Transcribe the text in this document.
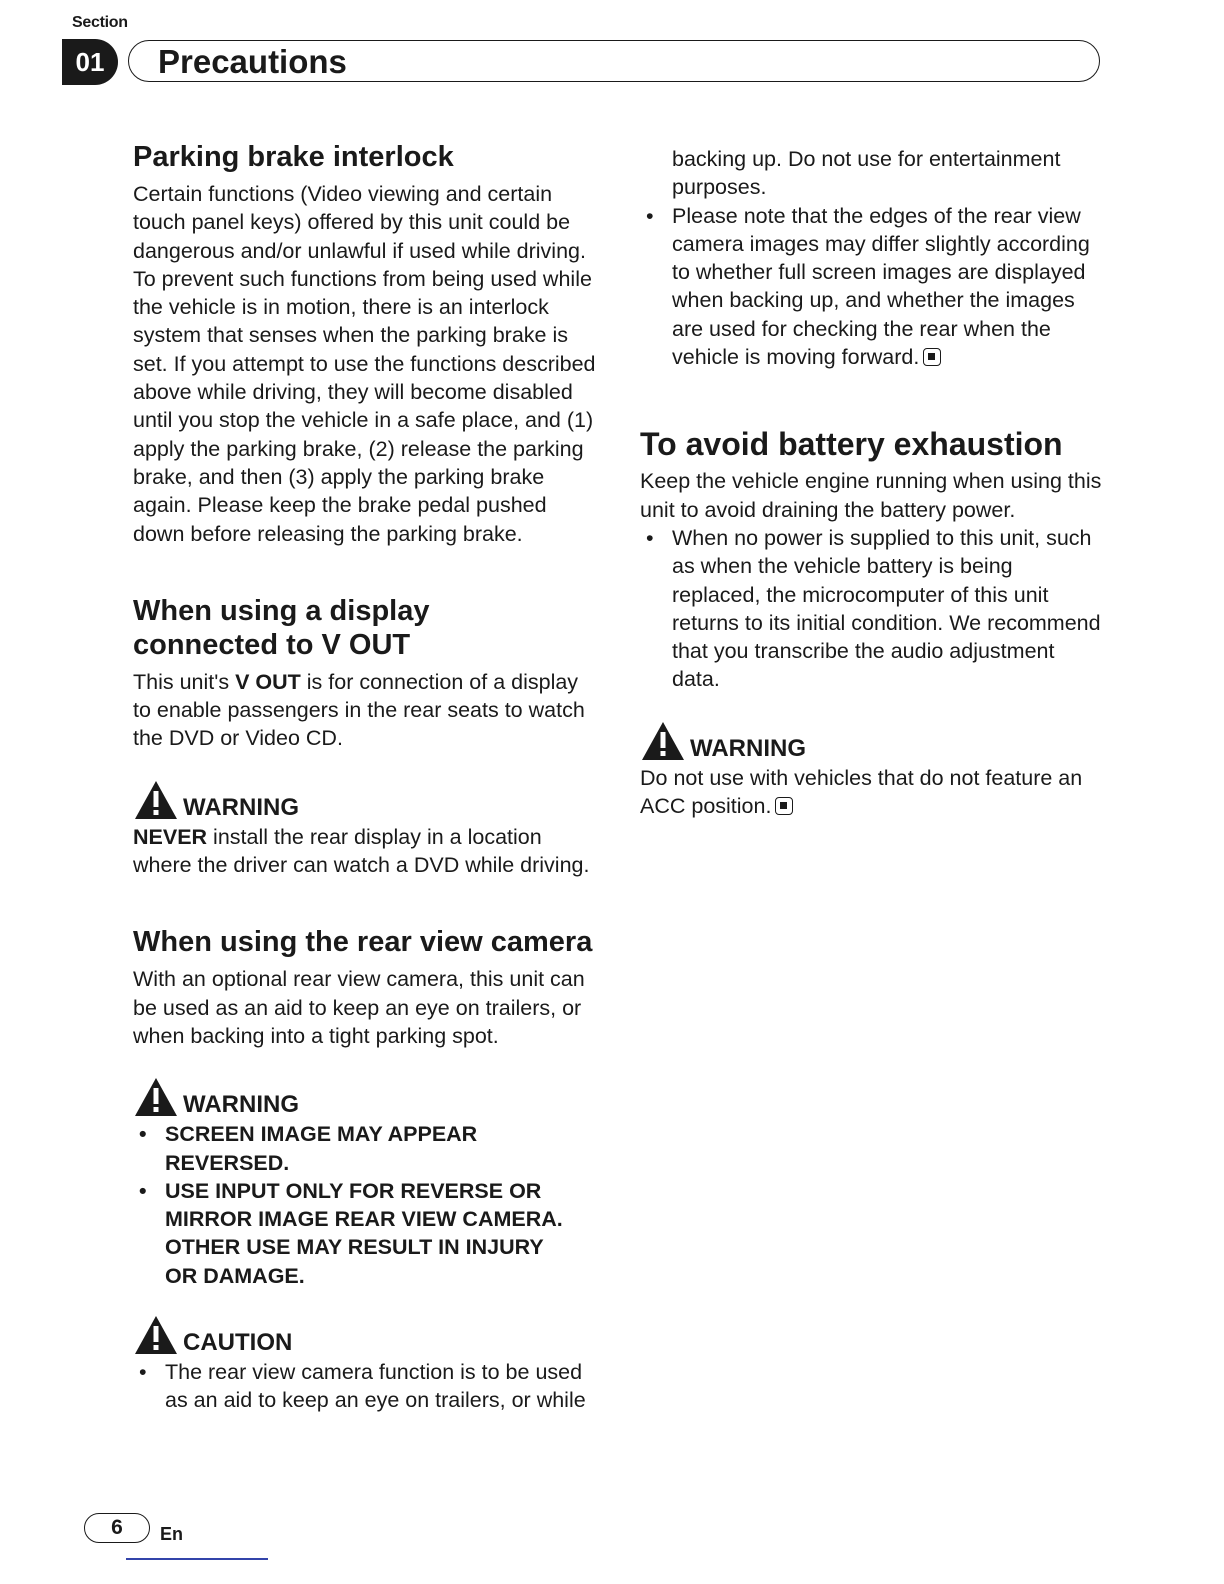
Section
01	Precautions
Parking brake interlock

Certain functions (Video viewing and certain touch panel keys) offered by this unit could be dangerous and/or unlawful if used while driving. To prevent such functions from being used while the vehicle is in motion, there is an interlock system that senses when the parking brake is set. If you attempt to use the functions described above while driving, they will become disabled until you stop the vehicle in a safe place, and (1) apply the parking brake, (2) release the parking brake, and then (3) apply the parking brake again. Please keep the brake pedal pushed down before releasing the parking brake.

When using a display connected to V OUT

This unit's V OUT is for connection of a display to enable passengers in the rear seats to watch the DVD or Video CD.

WARNING

NEVER install the rear display in a location where the driver can watch a DVD while driving.

When using the rear view camera

With an optional rear view camera, this unit can be used as an aid to keep an eye on trailers, or when backing into a tight parking spot.

WARNING
• SCREEN IMAGE MAY APPEAR REVERSED.
• USE INPUT ONLY FOR REVERSE OR MIRROR IMAGE REAR VIEW CAMERA. OTHER USE MAY RESULT IN INJURY OR DAMAGE.
CAUTION
• The rear view camera function is to be used as an aid to keep an eye on trailers, or while

backing up. Do not use for entertainment purposes.

• Please note that the edges of the rear view camera images may differ slightly according to whether full screen images are displayed when backing up, and whether the images are used for checking the rear when the vehicle is moving forward.
To avoid battery exhaustion

Keep the vehicle engine running when using this unit to avoid draining the battery power.

• When no power is supplied to this unit, such as when the vehicle battery is being replaced, the microcomputer of this unit returns to its initial condition. We recommend that you transcribe the audio adjustment data.
WARNING

Do not use with vehicles that do not feature an ACC position.

6	En
